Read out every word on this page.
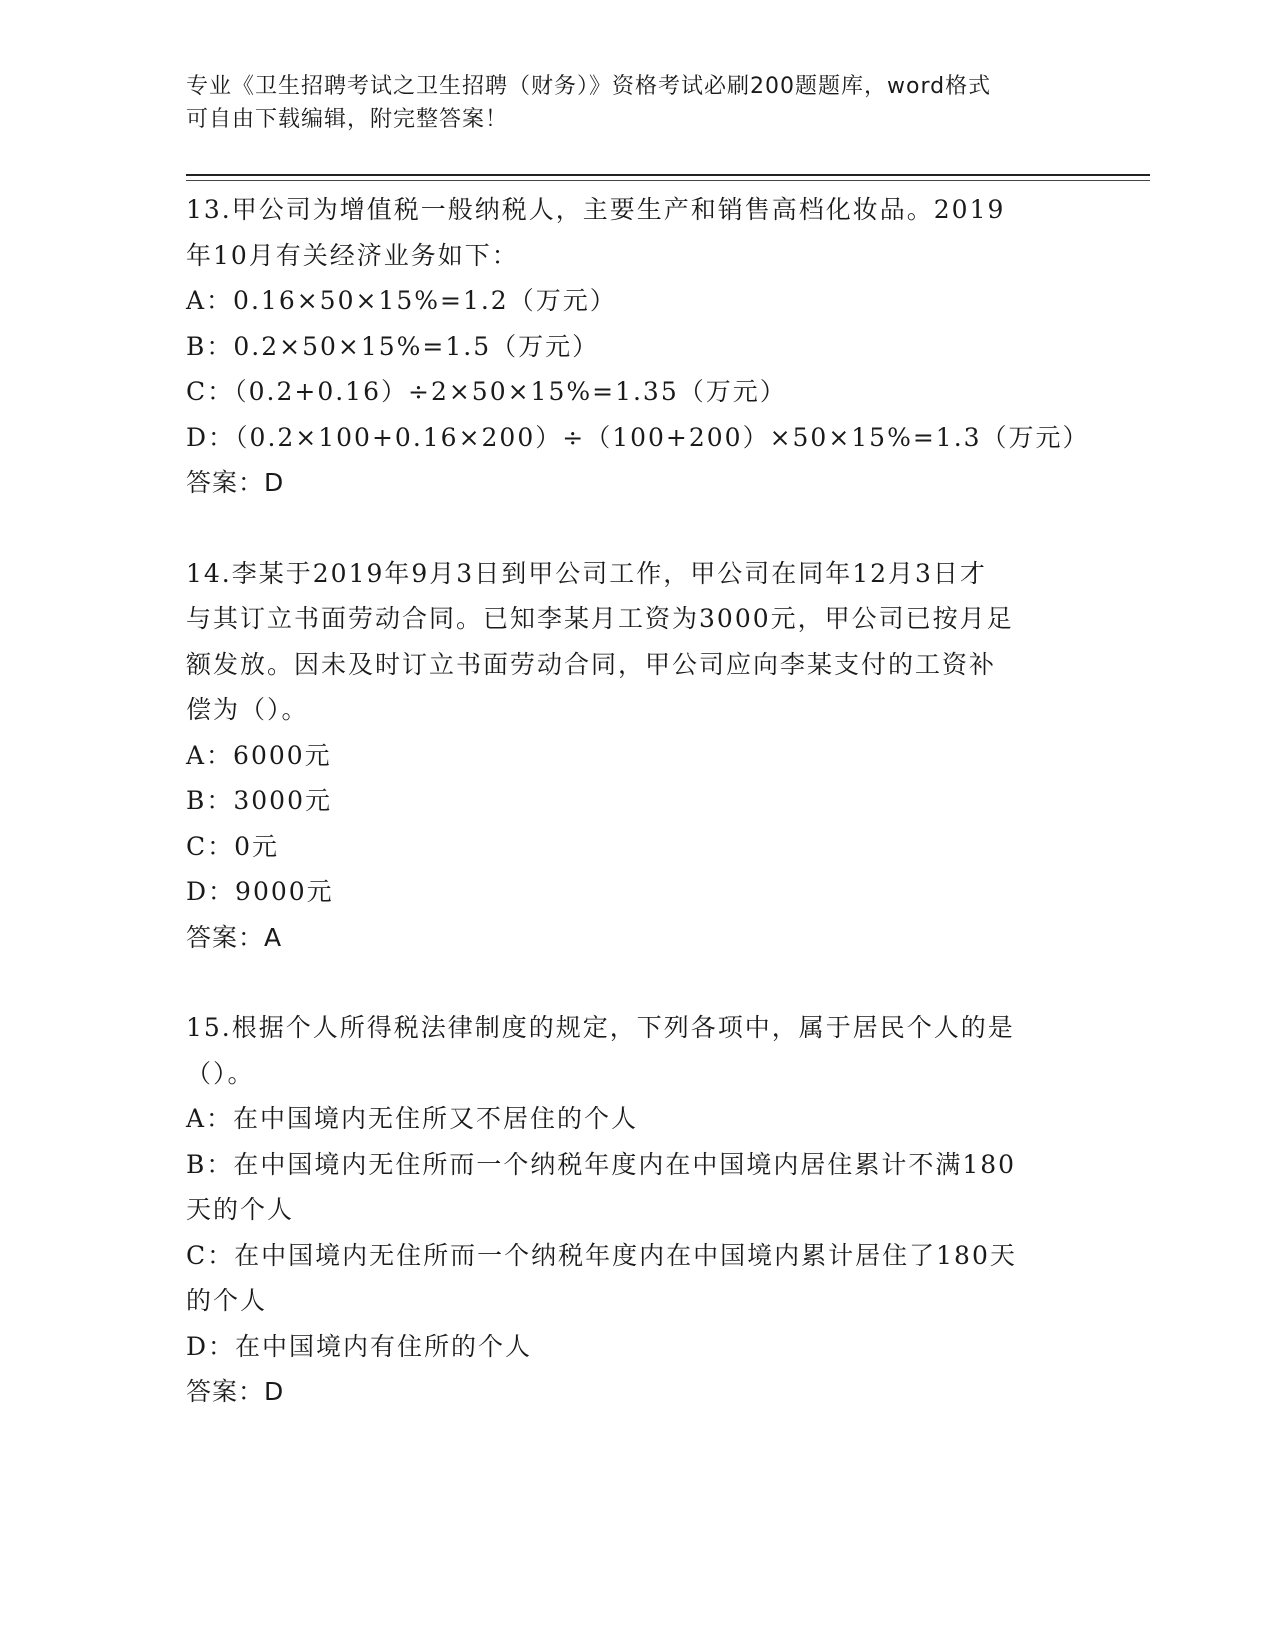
专业《卫生招聘考试之卫生招聘（财务）》资格考试必刷200题题库，word格式

可自由下载编辑，附完整答案！

13.甲公司为增值税一般纳税人，主要生产和销售高档化妆品。2019

年10月有关经济业务如下：

A：0.16×50×15%=1.2（万元）

B：0.2×50×15%=1.5（万元）

C：（0.2+0.16）÷2×50×15%=1.35（万元）

D：（0.2×100+0.16×200）÷（100+200）×50×15%=1.3（万元）

答案：D

14.李某于2019年9月3日到甲公司工作，甲公司在同年12月3日才

与其订立书面劳动合同。已知李某月工资为3000元，甲公司已按月足

额发放。因未及时订立书面劳动合同，甲公司应向李某支付的工资补

偿为（）。

A：6000元

B：3000元

C：0元

D：9000元

答案：A

15.根据个人所得税法律制度的规定，下列各项中，属于居民个人的是

（）。

A：在中国境内无住所又不居住的个人

B：在中国境内无住所而一个纳税年度内在中国境内居住累计不满180

天的个人

C：在中国境内无住所而一个纳税年度内在中国境内累计居住了180天

的个人

D：在中国境内有住所的个人

答案：D
